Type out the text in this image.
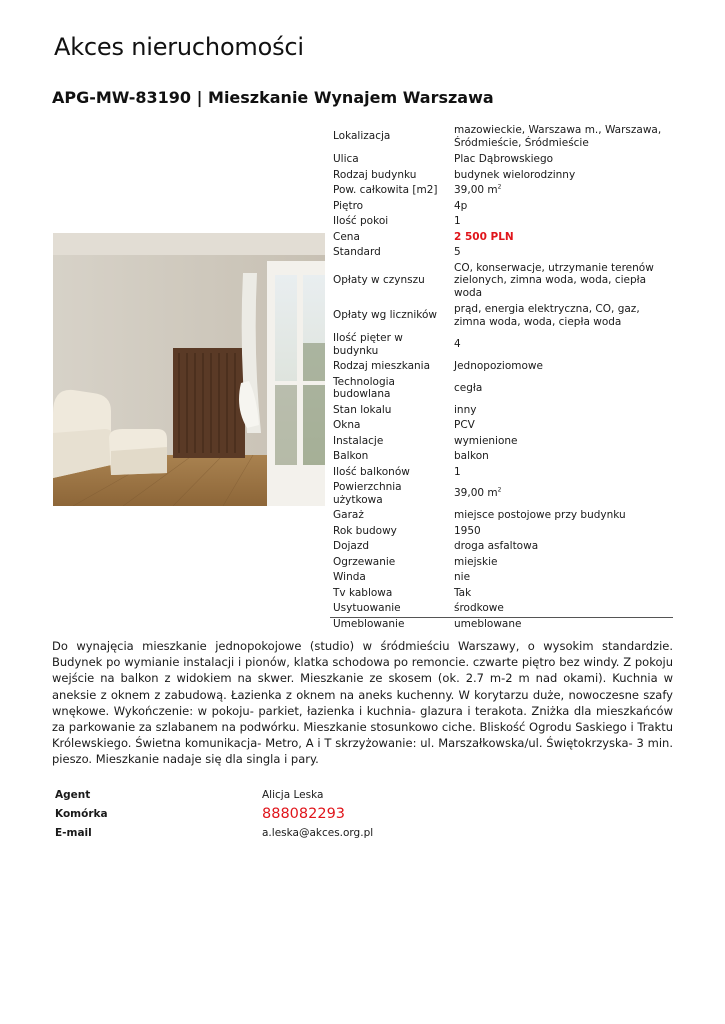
Akces nieruchomości
APG-MW-83190 | Mieszkanie Wynajem Warszawa
Lokalizacja	mazowieckie, Warszawa m., Warszawa, Śródmieście, Śródmieście
Ulica	Plac Dąbrowskiego
Rodzaj budynku	budynek wielorodzinny
Pow. całkowita [m2]	39,00 $m^2$
Piętro	4p
Ilość pokoi	1
Cena	2 500 PLN
Standard	5
Opłaty w czynszu	CO, konserwacje, utrzymanie terenów zielonych, zimna woda, woda, ciepła woda
Opłaty wg liczników	prąd, energia elektryczna, CO, gaz, zimna woda, woda, ciepła woda
Ilość pięter w budynku	4
Rodzaj mieszkania	Jednopoziomowe
Technologia budowlana	cegła
Stan lokalu	inny
Okna	PCV
Instalacje	wymienione
Balkon	balkon
Ilość balkonów	1
Powierzchnia użytkowa	39,00 $m^2$
Garaż	miejsce postojowe przy budynku
Rok budowy	1950
Dojazd	droga asfaltowa
Ogrzewanie	miejskie
Winda	nie
Tv kablowa	Tak
Usytuowanie	środkowe
Umeblowanie	umeblowane
Do wynajęcia mieszkanie jednopokojowe (studio) w śródmieściu Warszawy, o wysokim standardzie. Budynek po wymianie instalacji i pionów, klatka schodowa po remoncie. czwarte piętro bez windy. Z pokoju wejście na balkon z widokiem na skwer. Mieszkanie ze skosem (ok. 2.7 m-2 m nad okami). Kuchnia w aneksie z oknem z zabudową. Łazienka z oknem na aneks kuchenny. W korytarzu duże, nowoczesne szafy wnękowe. Wykończenie: w pokoju- parkiet, łazienka i kuchnia- glazura i terakota. Zniżka dla mieszkańców za parkowanie za szlabanem na podwórku. Mieszkanie stosunkowo ciche. Bliskość Ogrodu Saskiego i Traktu Królewskiego. Świetna komunikacja- Metro, A i T skrzyżowanie: ul. Marszałkowska/ul. Świętokrzyska- 3 min. pieszo. Mieszkanie nadaje się dla singla i pary.
Agent	Alicja Leska
Komórka	888082293
E-mail	a.leska@akces.org.pl
